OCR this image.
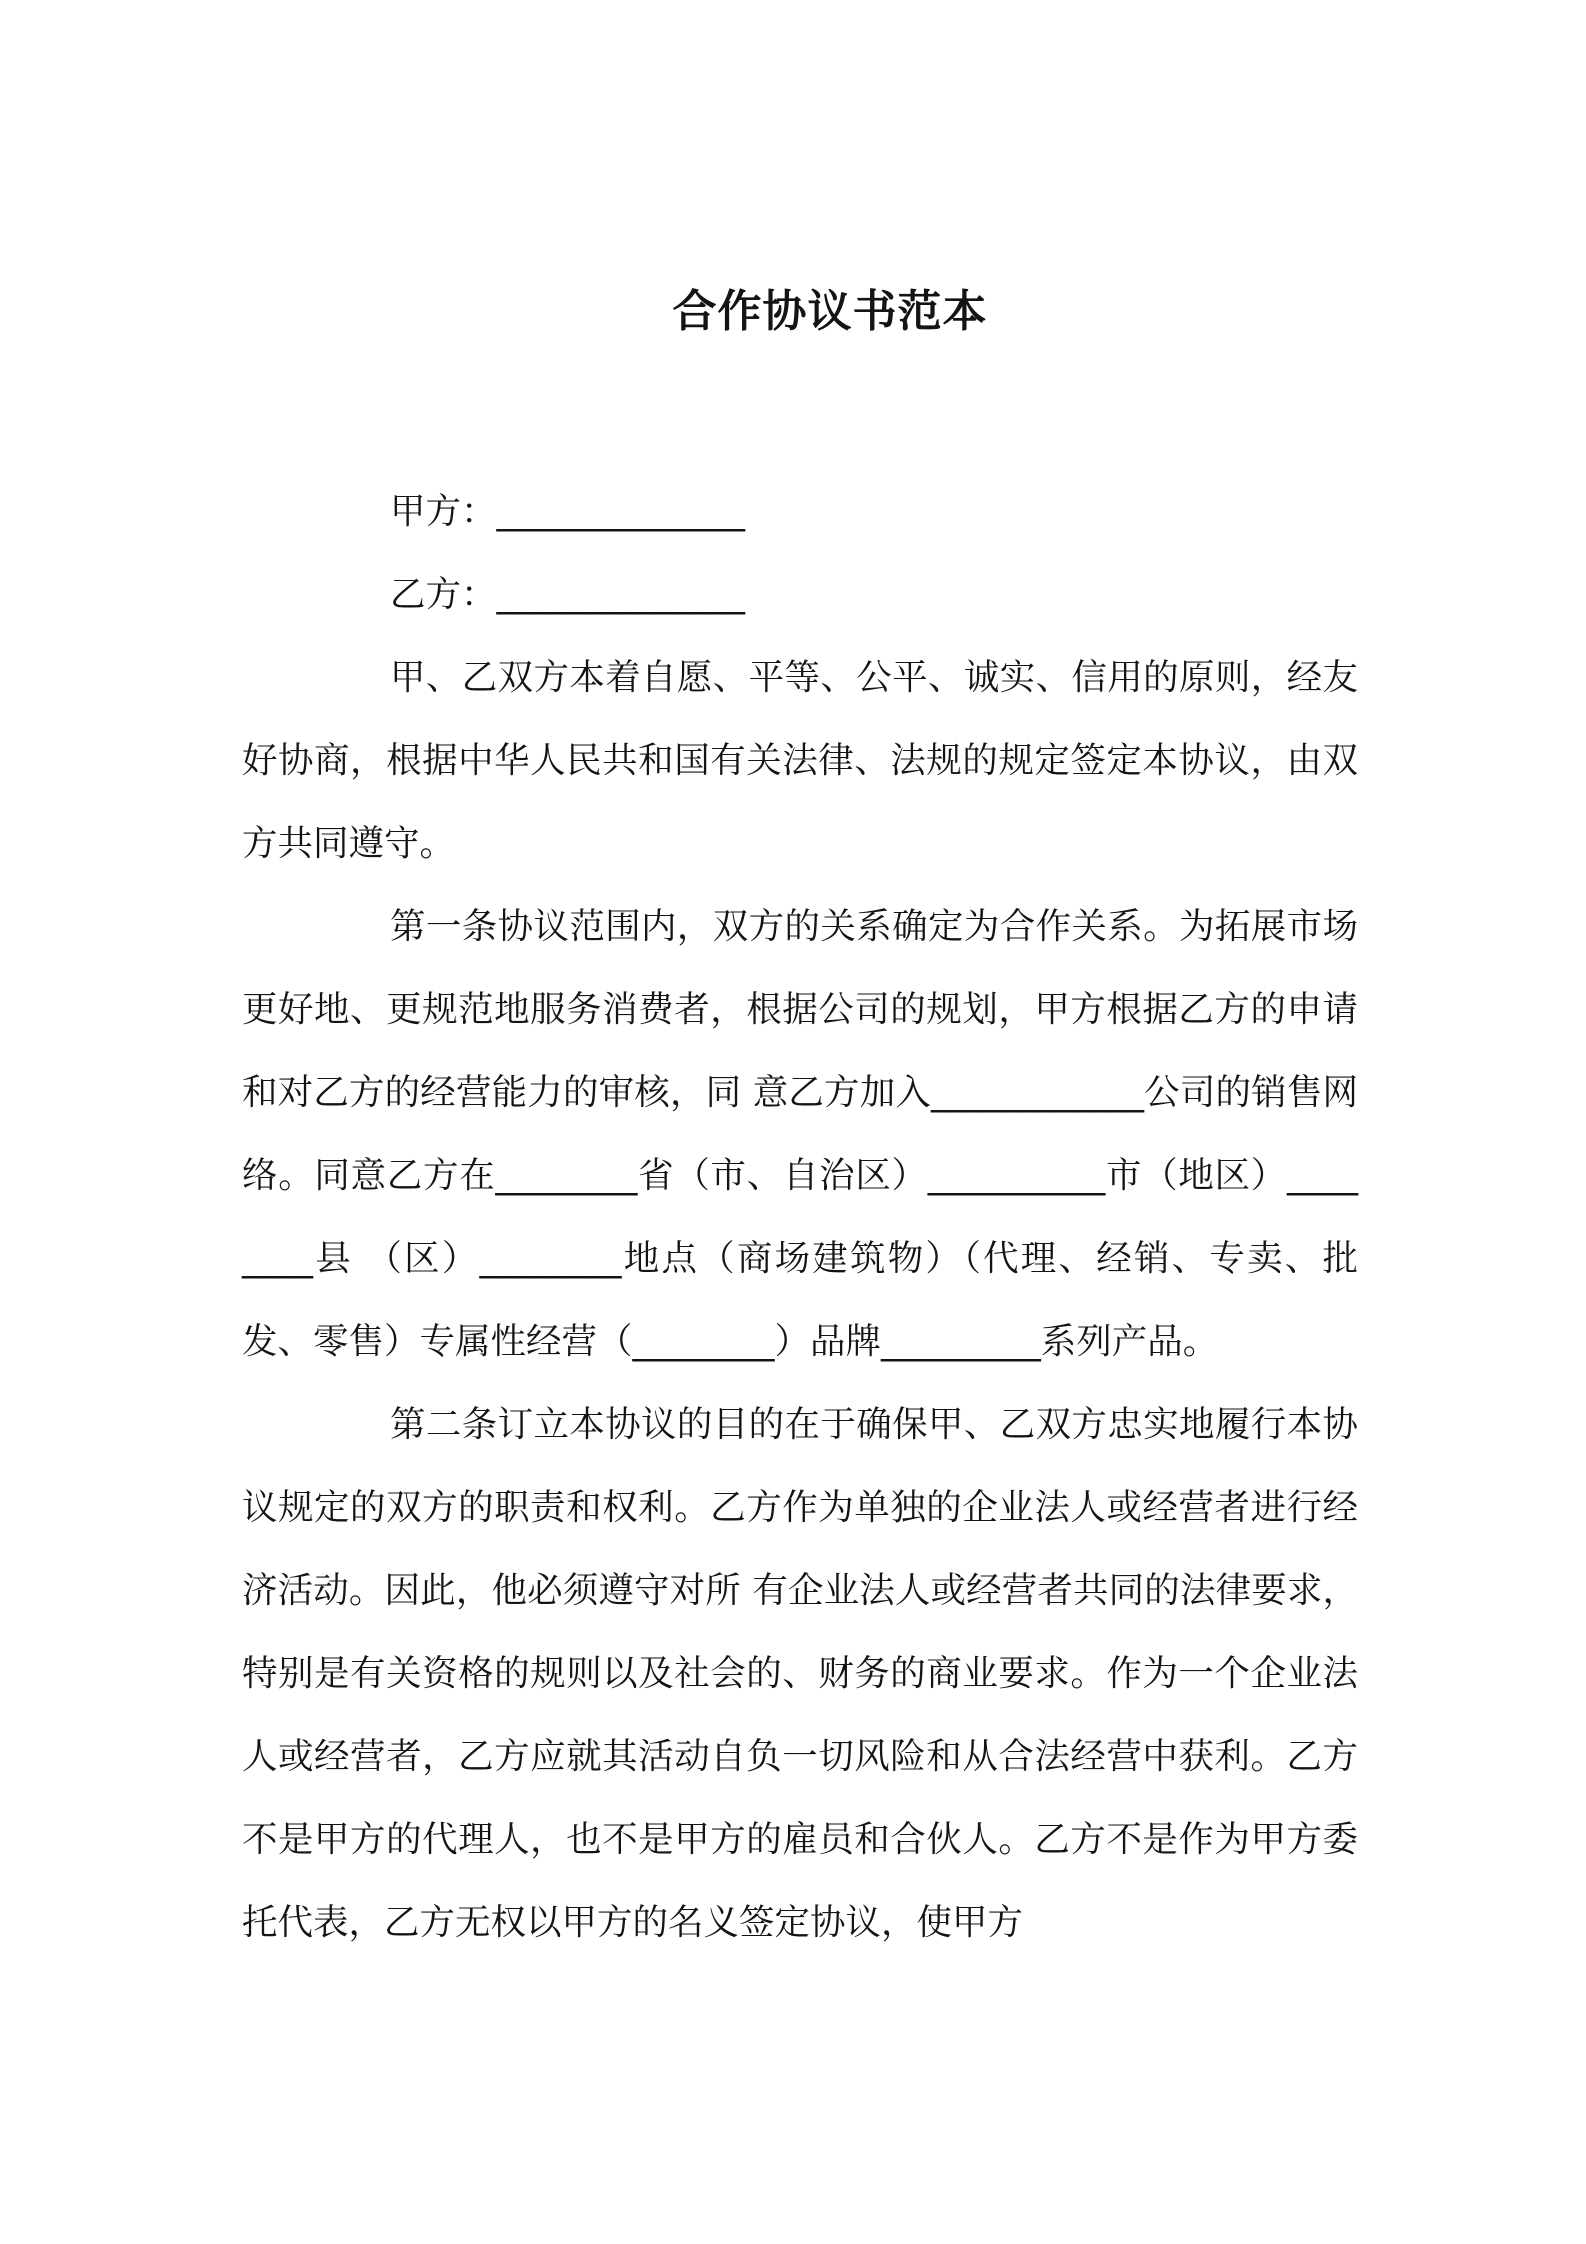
合作协议书范本

甲方：______________

乙方：______________

甲、乙双方本着自愿、平等、公平、诚实、信用的原则，经友好协商，根据中华人民共和国有关法律、法规的规定签定本协议，由双方共同遵守。

第一条协议范围内，双方的关系确定为合作关系。为拓展市场更好地、更规范地服务消费者，根据公司的规划，甲方根据乙方的申请和对乙方的经营能力的审核，同 意乙方加入____________公司的销售网络。同意乙方在________省（市、自治区）__________市（地区）________县 （区）________地点（商场建筑物）（代理、经销、专卖、批发、零售）专属性经营（________）品牌_________系列产品。

第二条订立本协议的目的在于确保甲、乙双方忠实地履行本协议规定的双方的职责和权利。乙方作为单独的企业法人或经营者进行经济活动。因此，他必须遵守对所 有企业法人或经营者共同的法律要求，特别是有关资格的规则以及社会的、财务的商业要求。作为一个企业法人或经营者，乙方应就其活动自负一切风险和从合法经营中获利。乙方不是甲方的代理人，也不是甲方的雇员和合伙人。乙方不是作为甲方委托代表，乙方无权以甲方的名义签定协议，使甲方
